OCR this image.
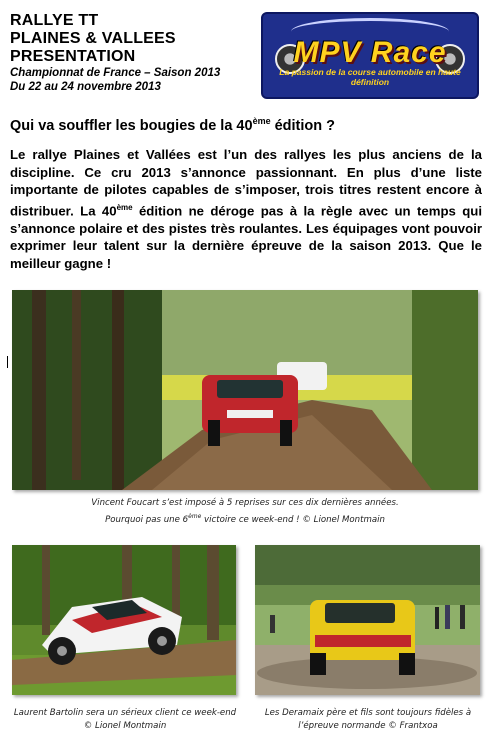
RALLYE TT
PLAINES & VALLEES
PRESENTATION
Championnat de France – Saison 2013
Du 22 au 24 novembre 2013
MPV Race
La passion de la course automobile en haute définition
Qui va souffler les bougies de la 40ème édition ?
Le rallye Plaines et Vallées est l’un des rallyes les plus anciens de la discipline. Ce cru 2013 s’annonce passionnant. En plus d’une liste importante de pilotes capables de s’imposer, trois titres restent encore à distribuer. La 40ème édition ne déroge pas à la règle avec un temps qui s’annonce polaire et des pistes très roulantes. Les équipages vont pouvoir exprimer leur talent sur la dernière épreuve de la saison 2013. Que le meilleur gagne !
Vincent Foucart s’est imposé à 5 reprises sur ces dix dernières années.
Pourquoi pas une 6ème victoire ce week-end ! © Lionel Montmain
Laurent Bartolin sera un sérieux client ce week-end
© Lionel Montmain
Les Deramaix père et fils sont toujours fidèles à
l’épreuve normande © Frantxoa
